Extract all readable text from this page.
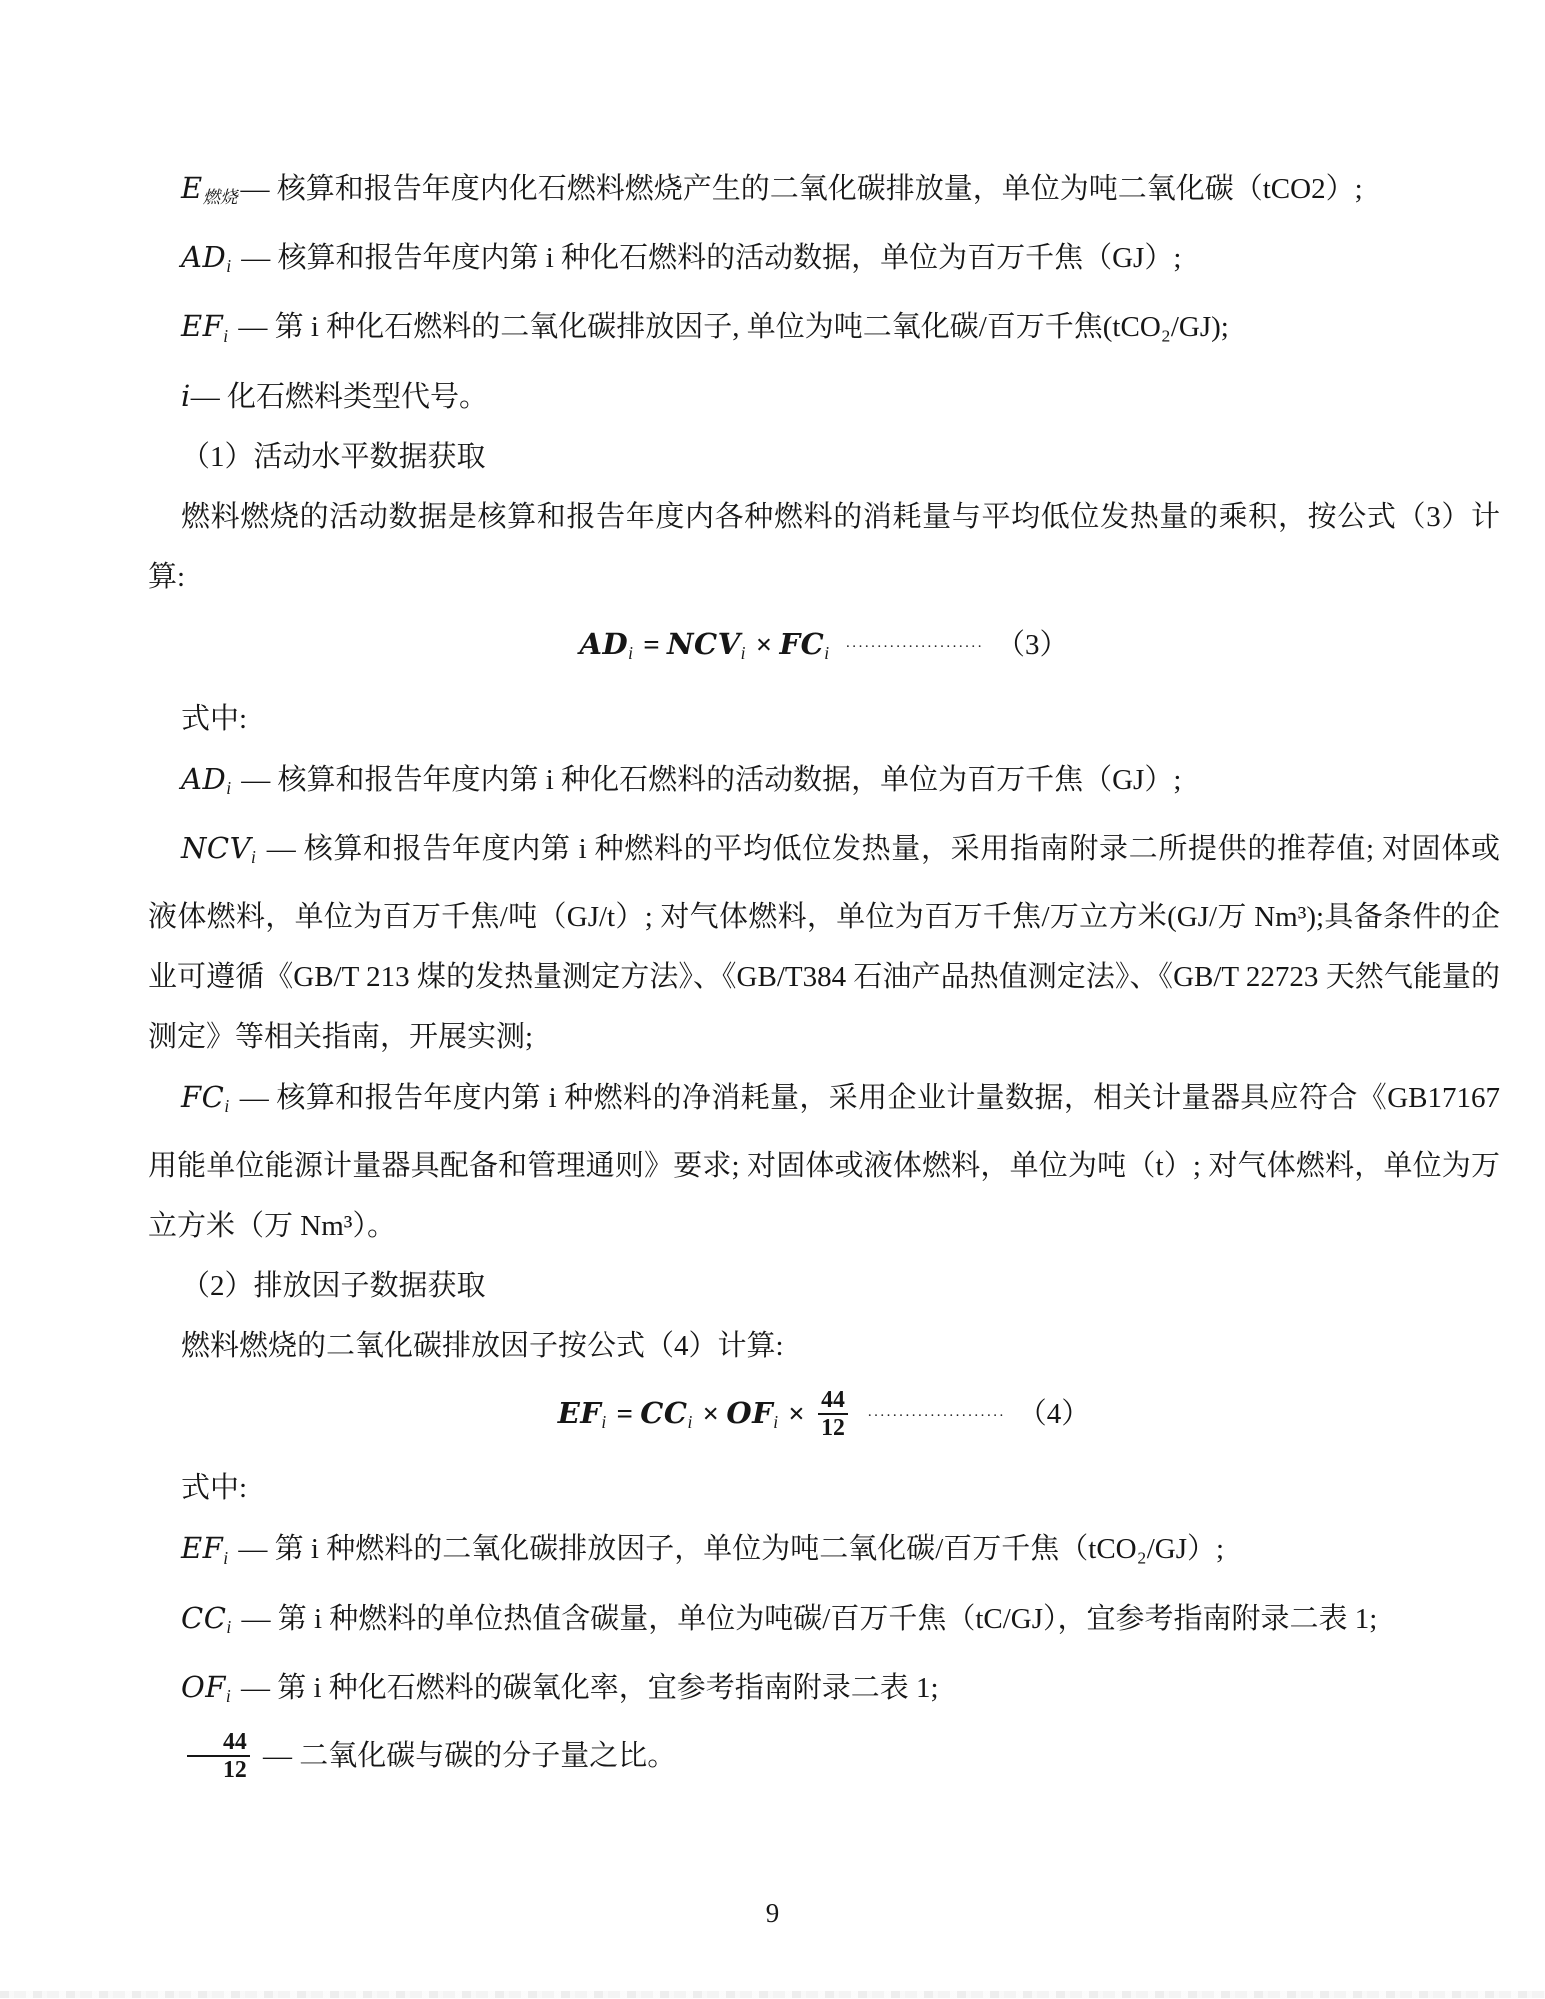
E燃烧 — 核算和报告年度内化石燃料燃烧产生的二氧化碳排放量，单位为吨二氧化碳（tCO2）;

ADi — 核算和报告年度内第 i 种化石燃料的活动数据，单位为百万千焦（GJ）;

EFi — 第 i 种化石燃料的二氧化碳排放因子, 单位为吨二氧化碳/百万千焦(tCO₂/GJ);

i— 化石燃料类型代号。

（1）活动水平数据获取

燃料燃烧的活动数据是核算和报告年度内各种燃料的消耗量与平均低位发热量的乘积，按公式（3）计算:

ADi = NCVi × FCi ...................... （3）

式中:

ADi — 核算和报告年度内第 i 种化石燃料的活动数据，单位为百万千焦（GJ）;

NCVi — 核算和报告年度内第 i 种燃料的平均低位发热量，采用指南附录二所提供的推荐值; 对固体或液体燃料，单位为百万千焦/吨（GJ/t）; 对气体燃料，单位为百万千焦/万立方米(GJ/万 Nm³);具备条件的企业可遵循《GB/T 213 煤的发热量测定方法》、《GB/T384 石油产品热值测定法》、《GB/T 22723 天然气能量的测定》等相关指南，开展实测;

FCi — 核算和报告年度内第 i 种燃料的净消耗量，采用企业计量数据，相关计量器具应符合《GB17167 用能单位能源计量器具配备和管理通则》要求; 对固体或液体燃料，单位为吨（t）; 对气体燃料，单位为万立方米（万 Nm³）。

（2）排放因子数据获取

燃料燃烧的二氧化碳排放因子按公式（4）计算:

EFi = CCi × OFi × $\frac{44}{12} ^{......................}$ （4）

式中:

EFi — 第 i 种燃料的二氧化碳排放因子，单位为吨二氧化碳/百万千焦（tCO₂/GJ）;

CCi — 第 i 种燃料的单位热值含碳量，单位为吨碳/百万千焦（tC/GJ），宜参考指南附录二表 1;

OFi — 第 i 种化石燃料的碳氧化率，宜参考指南附录二表 1;

$\frac{44}{12}$ — 二氧化碳与碳的分子量之比。

9
